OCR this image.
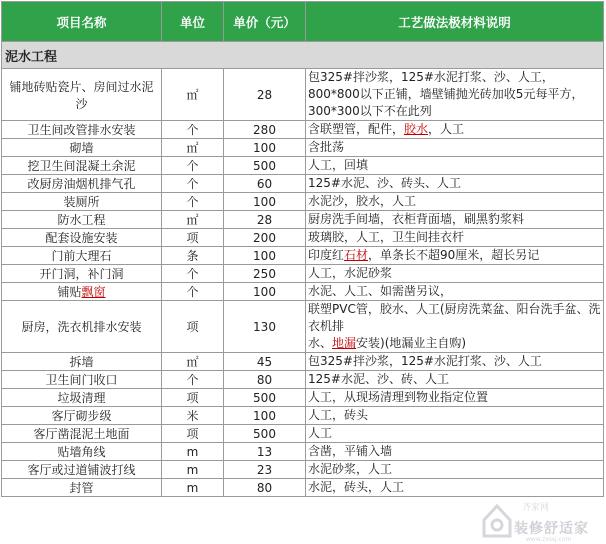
项目名称	单位	单价（元）	工艺做法极材料说明
泥水工程			
铺地砖贴瓷片、房间过水泥沙	㎡	28	包325#拌沙浆，125#水泥打浆、沙、人工，800*800以下正铺，墙壁铺抛光砖加收5元每平方，300*300以下不在此列
卫生间改管排水安装	个	280	含联塑管，配件，胶水，人工
砌墙	㎡	100	含批荡
挖卫生间混凝土余泥	个	500	人工，回填
改厨房油烟机排气孔	个	60	125#水泥、沙、砖头、人工
装厕所	个	100	水泥沙，胶水，人工
防水工程	㎡	28	厨房洗手间墙，衣柜背面墙，刷黑豹浆料
配套设施安装	项	200	玻璃胶，人工，卫生间挂衣杆
门前大理石	条	100	印度红石材，单条长不超90厘米，超长另记
开门洞，补门洞	个	250	人工，水泥砂浆
铺贴飘窗	个	100	水泥、人工、如需凿另议，
厨房，洗衣机排水安装	项	130	联塑PVC管，胶水、人工(厨房洗菜盆、阳台洗手盆、洗衣机排
水、地漏安装)(地漏业主自购)
拆墙	㎡	45	包325#拌沙浆，125#水泥打浆、沙、人工
卫生间门收口	个	80	125#水泥、沙、砖、人工
垃圾清理	项	500	人工，从现场清理到物业指定位置
客厅砌步级	米	100	人工，砖头
客厅凿混泥土地面	项	500	人工
贴墙角线	m	13	含凿，平铺入墙
客厅或过道铺波打线	m	23	水泥砂浆，人工
封管	m	80	水泥，砖头，人工
齐家网
装修舒适家
www.zxssj.com
